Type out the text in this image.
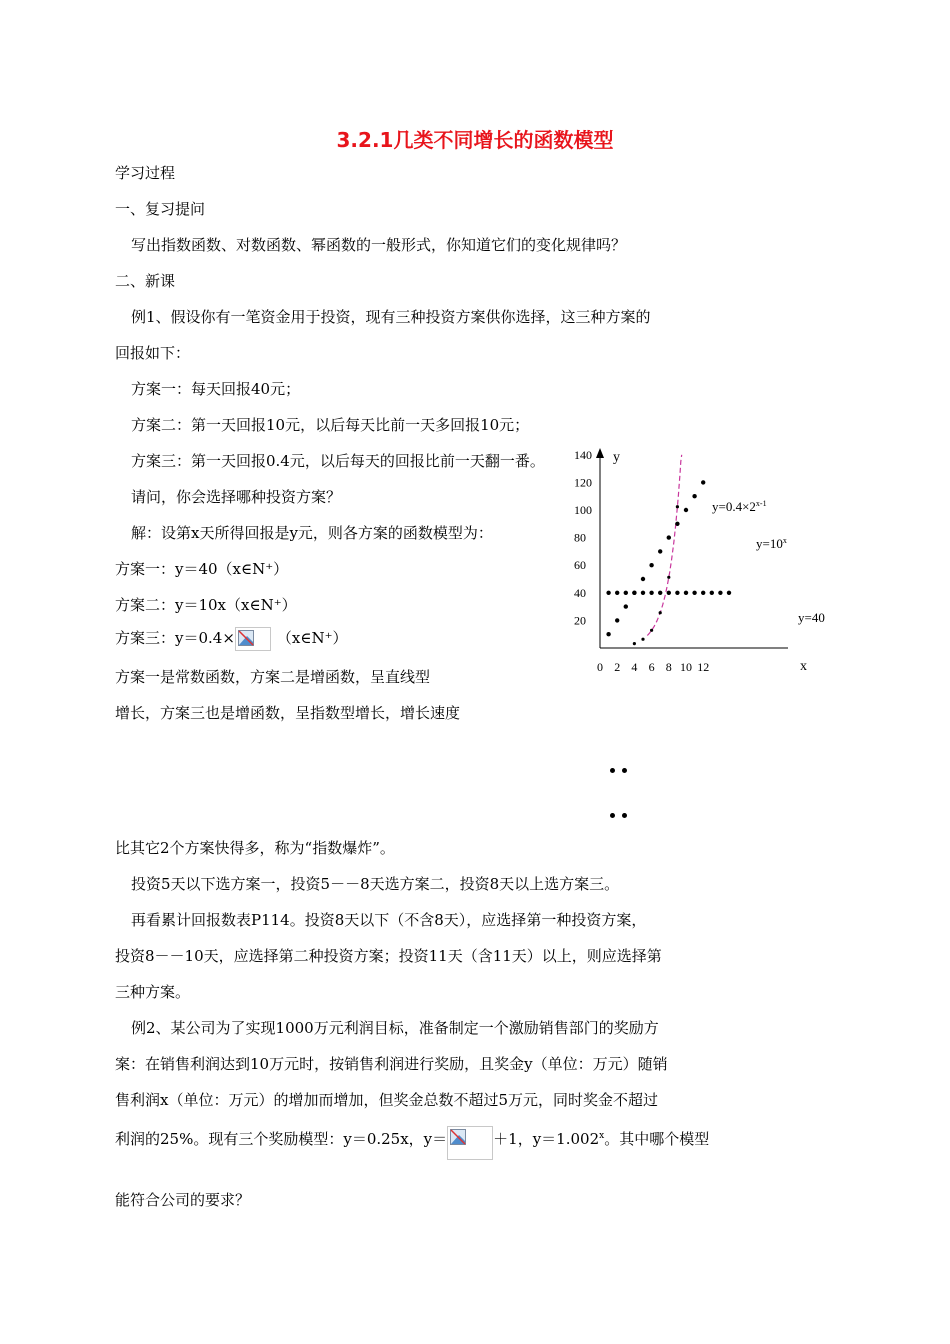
3.2.1几类不同增长的函数模型
学习过程
一、复习提问
写出指数函数、对数函数、幂函数的一般形式，你知道它们的变化规律吗？
二、新课
例1、假设你有一笔资金用于投资，现有三种投资方案供你选择，这三种方案的
回报如下：
方案一：每天回报40元；
方案二：第一天回报10元，以后每天比前一天多回报10元；
方案三：第一天回报0.4元，以后每天的回报比前一天翻一番。
请问，你会选择哪种投资方案？
解：设第x天所得回报是y元，则各方案的函数模型为：
方案一：y＝40（x∈N⁺）
方案二：y＝10x（x∈N⁺）
方案三：y＝0.4×	（x∈N⁺）
方案一是常数函数，方案二是增函数，呈直线型
增长，方案三也是增函数，呈指数型增长，增长速度
比其它2个方案快得多，称为“指数爆炸”。
投资5天以下选方案一，投资5－－8天选方案二，投资8天以上选方案三。
再看累计回报数表P114。投资8天以下（不含8天），应选择第一种投资方案，
投资8－－10天，应选择第二种投资方案；投资11天（含11天）以上，则应选择第
三种方案。
例2、某公司为了实现1000万元利润目标，准备制定一个激励销售部门的奖励方
案：在销售利润达到10万元时，按销售利润进行奖励，且奖金y（单位：万元）随销
售利润x（单位：万元）的增加而增加，但奖金总数不超过5万元，同时奖金不超过
利润的25%。现有三个奖励模型：y＝0.25x，y＝	＋1，$y=1.002^x$。其中哪个模型
能符合公司的要求？
y
x
0 2 4 6 8 10 12
20
40
60
80
100
120
140
$y=0.4\times 2^{x-1}$
$y=10^x$
y=40
